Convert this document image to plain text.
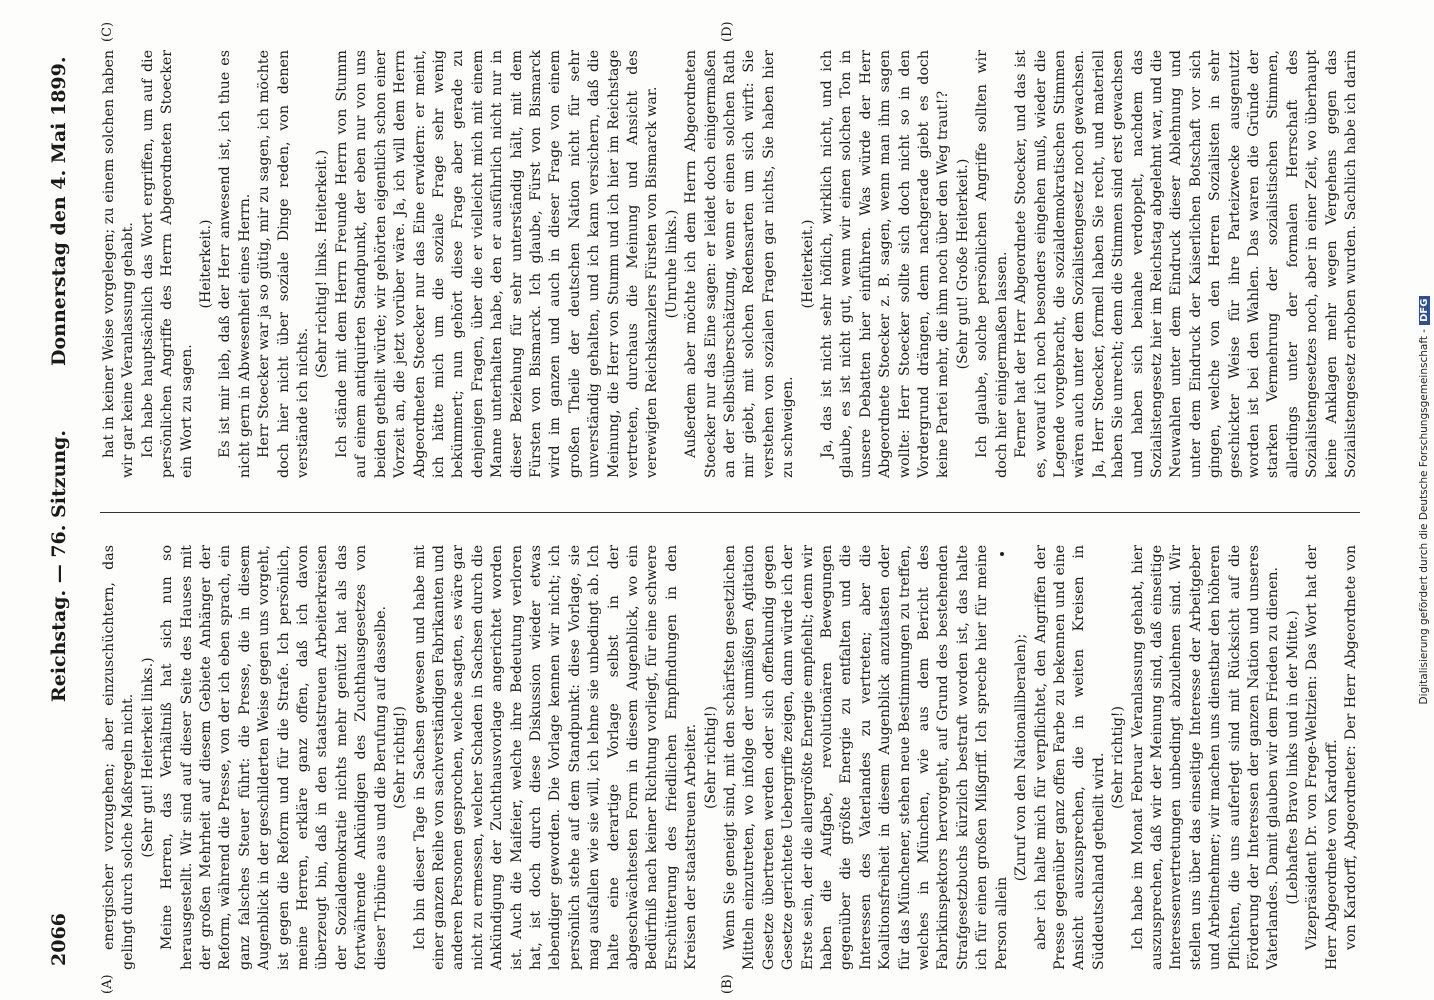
2066
Reichstag. — 76. Sitzung.
Donnerstag den 4. Mai 1899.
(A)	(B)
(C)	(D)

energischer vorzugehen; aber einzuschüchtern, das gelingt durch solche Maßregeln nicht. (Sehr gut! Heiterkeit links.) Meine Herren, das Verhältniß hat sich nun so herausgestellt. Wir sind auf dieser Seite des Hauses mit der großen Mehrheit auf diesem Gebiete Anhänger der Reform, während die Presse, von der ich eben sprach, ein ganz falsches Steuer führt: die Presse, die in diesem Augenblick in der geschilderten Weise gegen uns vorgeht, ist gegen die Reform und für die Strafe. Ich persönlich, meine Herren, erkläre ganz offen, daß ich davon überzeugt bin, daß in den staatstreuen Arbeiterkreisen der Sozialdemokratie nichts mehr genützt hat als das fortwährende Ankündigen des Zuchthausgesetzes von dieser Tribüne aus und die Berufung auf dasselbe. (Sehr richtig!) Ich bin dieser Tage in Sachsen gewesen und habe mit einer ganzen Reihe von sachverständigen Fabrikanten und anderen Personen gesprochen, welche sagten, es wäre gar nicht zu ermessen, welcher Schaden in Sachsen durch die Ankündigung der Zuchthausvorlage angerichtet worden ist. Auch die Maifeier, welche ihre Bedeutung verloren hat, ist doch durch diese Diskussion wieder etwas lebendiger geworden. Die Vorlage kennen wir nicht; ich persönlich stehe auf dem Standpunkt: diese Vorlage, sie mag ausfallen wie sie will, ich lehne sie unbedingt ab. Ich halte eine derartige Vorlage selbst in der abgeschwächtesten Form in diesem Augenblick, wo ein Bedürfniß nach keiner Richtung vorliegt, für eine schwere Erschütterung des friedlichen Empfindungen in den Kreisen der staatstreuen Arbeiter. (Sehr richtig!) Wenn Sie geneigt sind, mit den schärfsten gesetzlichen Mitteln einzutreten, wo infolge der unmäßigen Agitation Gesetze übertreten werden oder sich offenkundig gegen Gesetze gerichtete Uebergriffe zeigen, dann würde ich der Erste sein, der die allergrößte Energie empfiehlt; denn wir haben die Aufgabe, revolutionären Bewegungen gegenüber die größte Energie zu entfalten und die Interessen des Vaterlandes zu vertreten; aber die Koalitionsfreiheit in diesem Augenblick anzutasten oder für das Münchener, stehen neue Bestimmungen zu treffen, welches in München, wie aus dem Bericht des Fabrikinspektors hervorgeht, auf Grund des bestehenden Strafgesetzbuchs kürzlich bestraft worden ist, das halte ich für einen großen Mißgriff. Ich spreche hier für meine Person allein

(Zuruf von den Nationalliberalen); aber ich halte mich für verpflichtet, den Angriffen der Presse gegenüber ganz offen Farbe zu bekennen und eine Ansicht auszusprechen, die in weiten Kreisen in Süddeutschland getheilt wird. (Sehr richtig!) Ich habe im Monat Februar Veranlassung gehabt, hier auszusprechen, daß wir der Meinung sind, daß einseitige Interessenvertretungen unbedingt abzulehnen sind. Wir stellen uns über das einseitige Interesse der Arbeitgeber und Arbeitnehmer; wir machen uns dienstbar den höheren Pflichten, die uns auferlegt sind mit Rücksicht auf die Förderung der Interessen der ganzen Nation und unseres Vaterlandes. Damit glauben wir dem Frieden zu dienen. (Lebhaftes Bravo links und in der Mitte.) Vizepräsident Dr. von Frege-Weltzien: Das Wort hat der Herr Abgeordnete von Kardorff. von Kardorff, Abgeordneter: Der Herr Abgeordnete von

hat in keiner Weise vorgelegen; zu einem solchen haben wir gar keine Veranlassung gehabt. Ich habe hauptsächlich das Wort ergriffen, um auf die persönlichen Angriffe des Herrn Abgeordneten Stoecker ein Wort zu sagen.

(Heiterkeit.) Es ist mir lieb, daß der Herr anwesend ist, ich thue es nicht gern in Abwesenheit eines Herrn. Herr Stoecker war ja so gütig, mir zu sagen, ich möchte doch hier nicht über soziale Dinge reden, von denen verstände ich nichts.

(Sehr richtig! links. Heiterkeit.) Ich stände mit dem Herrn Freunde Herrn von Stumm auf einem antiquirten Standpunkt, der eben nur von uns beiden getheilt würde; wir gehörten eigentlich schon einer Vorzeit an, die jetzt vorüber wäre. Ja, ich will dem Herrn Abgeordneten Stoecker nur das Eine erwidern: er meint, ich hätte mich um die soziale Frage sehr wenig bekümmert; nun gehört diese Frage aber gerade zu denjenigen Fragen, über die er vielleicht mich mit einem Manne unterhalten habe, den er ausführlich nicht nur in dieser Beziehung für sehr unterständig hält, mit dem Fürsten von Bismarck. Ich glaube, Fürst von Bismarck wird im ganzen und auch in dieser Frage von einem großen Theile der deutschen Nation nicht für sehr unverständig gehalten, und ich kann versichern, daß die Meinung, die Herr von Stumm und ich hier im Reichstage vertreten, durchaus die Meinung und Ansicht des verewigten Reichskanzlers Fürsten von Bismarck war. (Unruhe links.) Außerdem aber möchte ich dem Herrn Abgeordneten Stoecker nur das Eine sagen: er leidet doch einigermaßen an der Selbstüberschätzung, wenn er einen solchen Rath mir giebt, mit solchen Redensarten um sich wirft: Sie verstehen von sozialen Fragen gar nichts, Sie haben hier zu schweigen.

(Heiterkeit.) Ja, das ist nicht sehr höflich, wirklich nicht, und ich glaube, es ist nicht gut, wenn wir einen solchen Ton in unsere Debatten hier einführen. Was würde der Herr Abgeordnete Stoecker z. B. sagen, wenn man ihm sagen wollte: Herr Stoecker sollte sich doch nicht so in den Vordergrund drängen, denn nachgerade giebt es doch keine Partei mehr, die ihm noch über den Weg traut!? (Sehr gut! Große Heiterkeit.) Ich glaube, solche persönlichen Angriffe sollten wir doch hier einigermaßen lassen. Ferner hat der Herr Abgeordnete Stoecker, und das ist es, worauf ich noch besonders eingehen muß, wieder die Legende vorgebracht, die sozialdemokratischen Stimmen wären auch unter dem Sozialistengesetz noch gewachsen. Ja, Herr Stoecker, formell haben Sie recht, und materiell haben Sie unrecht; denn die Stimmen sind erst gewachsen und haben sich beinahe verdoppelt, nachdem das Sozialistengesetz hier im Reichstag abgelehnt war, und die Neuwahlen unter dem Eindruck dieser Ablehnung und unter dem Eindruck der Kaiserlichen Botschaft vor sich gingen, welche von den Herren Sozialisten in sehr geschickter Weise für ihre Parteizwecke ausgenutzt worden ist bei den Wahlen. Das waren die Gründe der starken Vermehrung der sozialistischen Stimmen, allerdings unter der formalen Herrschaft des Sozialistengesetzes noch, aber in einer Zeit, wo überhaupt keine Anklagen mehr wegen Vergehens gegen das Sozialistengesetz erhoben wurden. Sachlich habe ich darin

Digitalisierung gefördert durch die Deutsche Forschungsgemeinschaft -DFG
